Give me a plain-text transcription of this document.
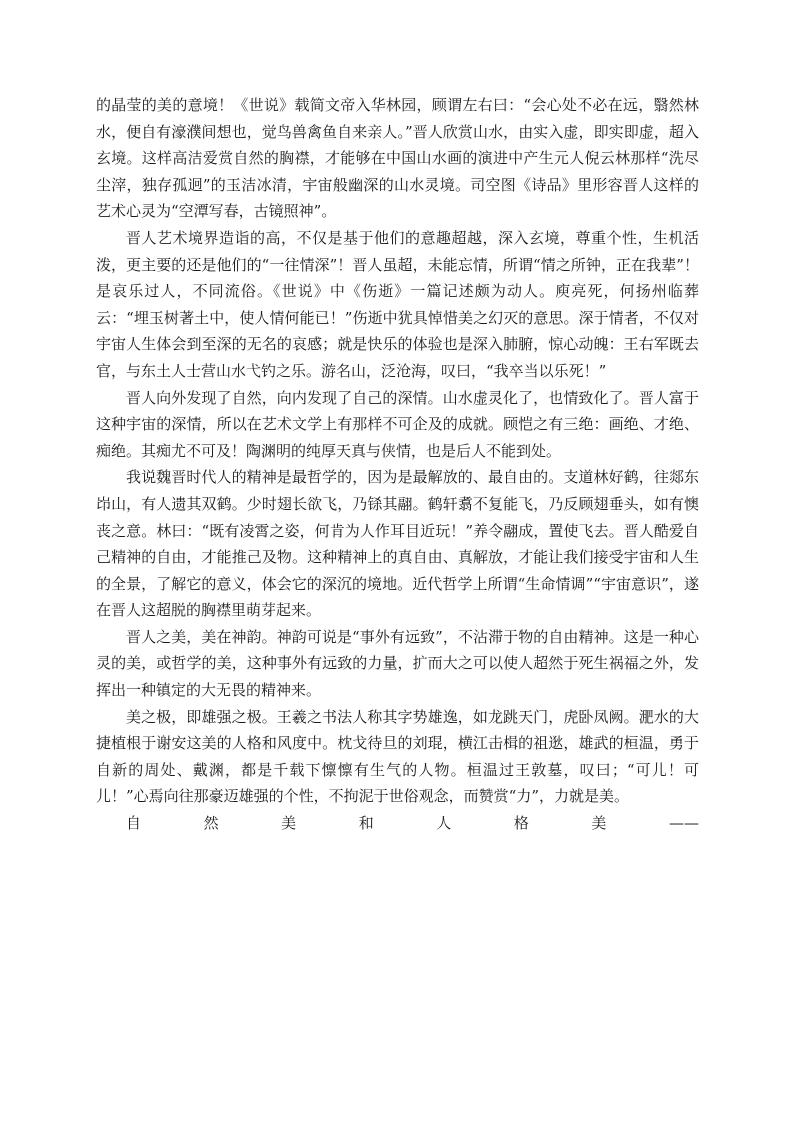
的晶莹的美的意境！《世说》载简文帝入华林园，顾谓左右曰：“会心处不必在远，翳然林水，便自有濠濮间想也，觉鸟兽禽鱼自来亲人。”晋人欣赏山水，由实入虚，即实即虚，超入玄境。这样高洁爱赏自然的胸襟，才能够在中国山水画的演进中产生元人倪云林那样“洗尽尘滓，独存孤迥”的玉洁冰清，宇宙般幽深的山水灵境。司空图《诗品》里形容晋人这样的艺术心灵为“空潭写春，古镜照神”。

晋人艺术境界造诣的高，不仅是基于他们的意趣超越，深入玄境，尊重个性，生机活泼，更主要的还是他们的“一往情深”！晋人虽超，未能忘情，所谓“情之所钟，正在我辈”！是哀乐过人，不同流俗。《世说》中《伤逝》一篇记述颇为动人。庾亮死，何扬州临葬云：“埋玉树著土中，使人情何能已！”伤逝中犹具悼惜美之幻灭的意思。深于情者，不仅对宇宙人生体会到至深的无名的哀感；就是快乐的体验也是深入肺腑，惊心动魄：王右军既去官，与东土人士营山水弋钓之乐。游名山，泛沧海，叹曰，“我卒当以乐死！”

晋人向外发现了自然，向内发现了自己的深情。山水虚灵化了，也情致化了。晋人富于这种宇宙的深情，所以在艺术文学上有那样不可企及的成就。顾恺之有三绝：画绝、才绝、痴绝。其痴尤不可及！陶渊明的纯厚天真与侠情，也是后人不能到处。

我说魏晋时代人的精神是最哲学的，因为是最解放的、最自由的。支道林好鹤，往郯东岇山，有人遗其双鹤。少时翅长欲飞，乃铩其翮。鹤轩翥不复能飞，乃反顾翅垂头，如有懊丧之意。林曰：“既有凌霄之姿，何肯为人作耳目近玩！”养令翮成，置使飞去。晋人酷爱自己精神的自由，才能推己及物。这种精神上的真自由、真解放，才能让我们接受宇宙和人生的全景，了解它的意义，体会它的深沉的境地。近代哲学上所谓“生命情调”“宇宙意识”，遂在晋人这超脱的胸襟里萌芽起来。

晋人之美，美在神韵。神韵可说是“事外有远致”，不沾滞于物的自由精神。这是一种心灵的美，或哲学的美，这种事外有远致的力量，扩而大之可以使人超然于死生祸福之外，发挥出一种镇定的大无畏的精神来。

美之极，即雄强之极。王羲之书法人称其字势雄逸，如龙跳天门，虎卧凤阙。淝水的大捷植根于谢安这美的人格和风度中。枕戈待旦的刘琨，横江击楫的祖逖，雄武的桓温，勇于自新的周处、戴渊，都是千载下懔懔有生气的人物。桓温过王敦墓，叹曰；“可儿！可儿！”心焉向往那豪迈雄强的个性，不拘泥于世俗观念，而赞赏“力”，力就是美。

自	然	美	和	人	格	美	——
